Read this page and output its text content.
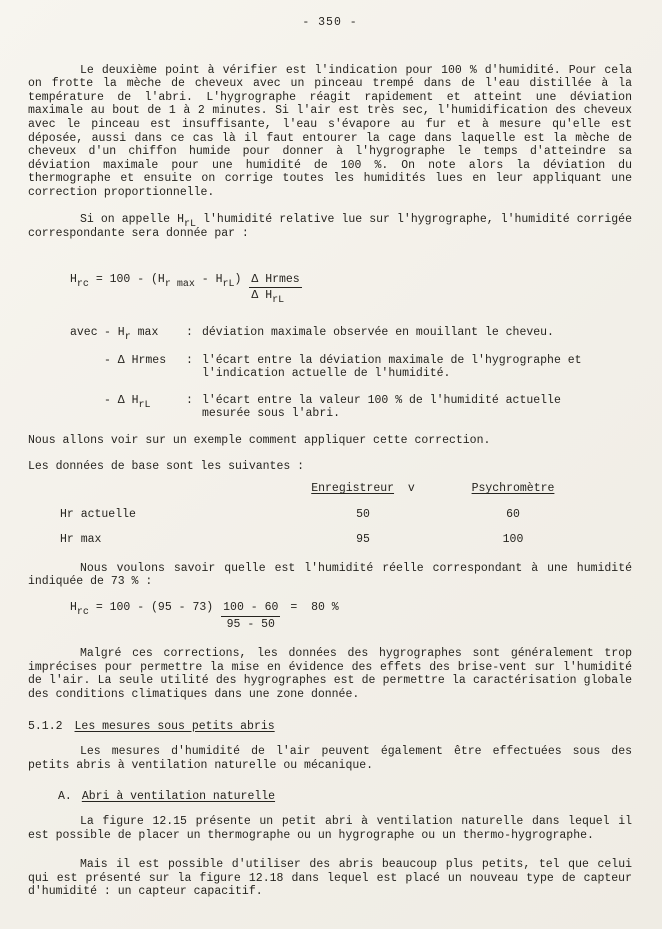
- 350 -

Le deuxième point à vérifier est l'indication pour 100 % d'humidité. Pour cela on frotte la mèche de cheveux avec un pinceau trempé dans de l'eau distillée à la température de l'abri. L'hygrographe réagit rapidement et atteint une déviation maximale au bout de 1 à 2 minutes. Si l'air est très sec, l'humidification des cheveux avec le pinceau est insuffisante, l'eau s'évapore au fur et à mesure qu'elle est déposée, aussi dans ce cas là il faut entourer la cage dans laquelle est la mèche de cheveux d'un chiffon humide pour donner à l'hygrographe le temps d'atteindre sa déviation maximale pour une humidité de 100 %. On note alors la déviation du thermographe et ensuite on corrige toutes les humidités lues en leur appliquant une correction proportionnelle.

Si on appelle HrL l'humidité relative lue sur l'hygrographe, l'humidité corrigée correspondante sera donnée par :

Hrc = 100 - (Hr max - $HrL) \frac{\text{Δ Hrmes}}{\text{Δ HrL}}$
avec - Hr max	: déviation maximale observée en mouillant le cheveu.
- Δ Hrmes	: l'écart entre la déviation maximale de l'hygrographe et l'indication actuelle de l'humidité.
- Δ HrL	: l'écart entre la valeur 100 % de l'humidité actuelle mesurée sous l'abri.

Nous allons voir sur un exemple comment appliquer cette correction.

Les données de base sont les suivantes :

Enregistreur  v	Psychromètre
Hr actuelle	50	60
Hr max	95	100

Nous voulons savoir quelle est l'humidité réelle correspondant à une humidité indiquée de 73 % :

Hrc = $100 - (95 - 73) \frac{100 - 60}{95 - 50} = 80$ %

Malgré ces corrections, les données des hygrographes sont généralement trop imprécises pour permettre la mise en évidence des effets des brise-vent sur l'humidité de l'air. La seule utilité des hygrographes est de permettre la caractérisation globale des conditions climatiques dans une zone donnée.

5.1.2 Les mesures sous petits abris

Les mesures d'humidité de l'air peuvent également être effectuées sous des petits abris à ventilation naturelle ou mécanique.

A. Abri à ventilation naturelle

La figure 12.15 présente un petit abri à ventilation naturelle dans lequel il est possible de placer un thermographe ou un hygrographe ou un thermo-hygrographe.

Mais il est possible d'utiliser des abris beaucoup plus petits, tel que celui qui est présenté sur la figure 12.18 dans lequel est placé un nouveau type de capteur d'humidité : un capteur capacitif.
